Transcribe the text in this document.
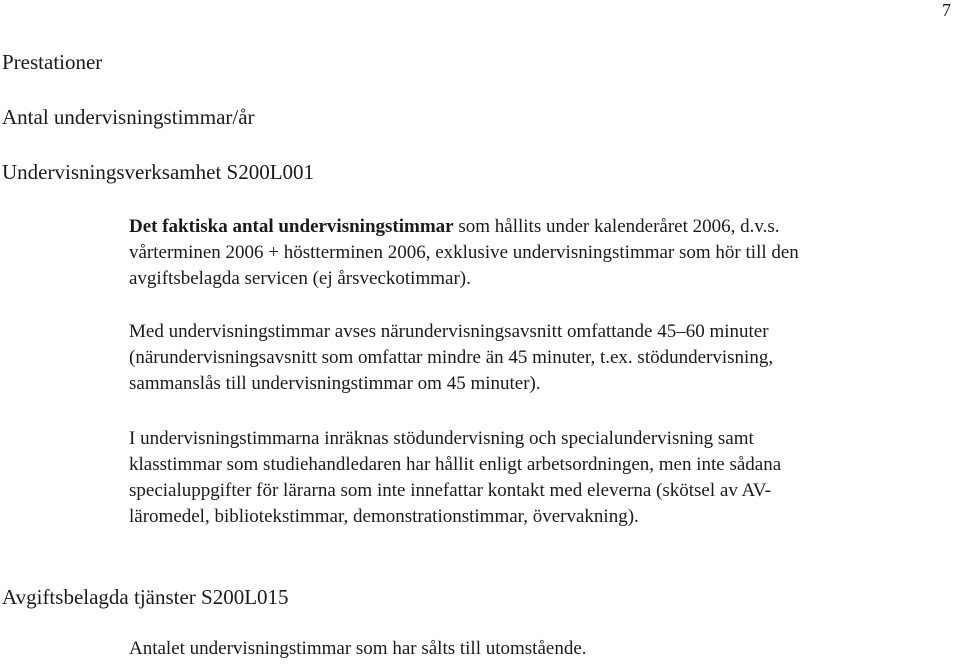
7
Prestationer
Antal undervisningstimmar/år
Undervisningsverksamhet S200L001
Det faktiska antal undervisningstimmar som hållits under kalenderåret 2006, d.v.s.
vårterminen 2006 + höstterminen 2006, exklusive undervisningstimmar som hör till den
avgiftsbelagda servicen (ej årsveckotimmar).
Med undervisningstimmar avses närundervisningsavsnitt omfattande 45–60 minuter
(närundervisningsavsnitt som omfattar mindre än 45 minuter, t.ex. stödundervisning,
sammanslås till undervisningstimmar om 45 minuter).
I undervisningstimmarna inräknas stödundervisning och specialundervisning samt
klasstimmar som studiehandledaren har hållit enligt arbetsordningen, men inte sådana
specialuppgifter för lärarna som inte innefattar kontakt med eleverna (skötsel av AV-
läromedel, bibliotekstimmar, demonstrationstimmar, övervakning).
Avgiftsbelagda tjänster S200L015
Antalet undervisningstimmar som har sålts till utomstående.
